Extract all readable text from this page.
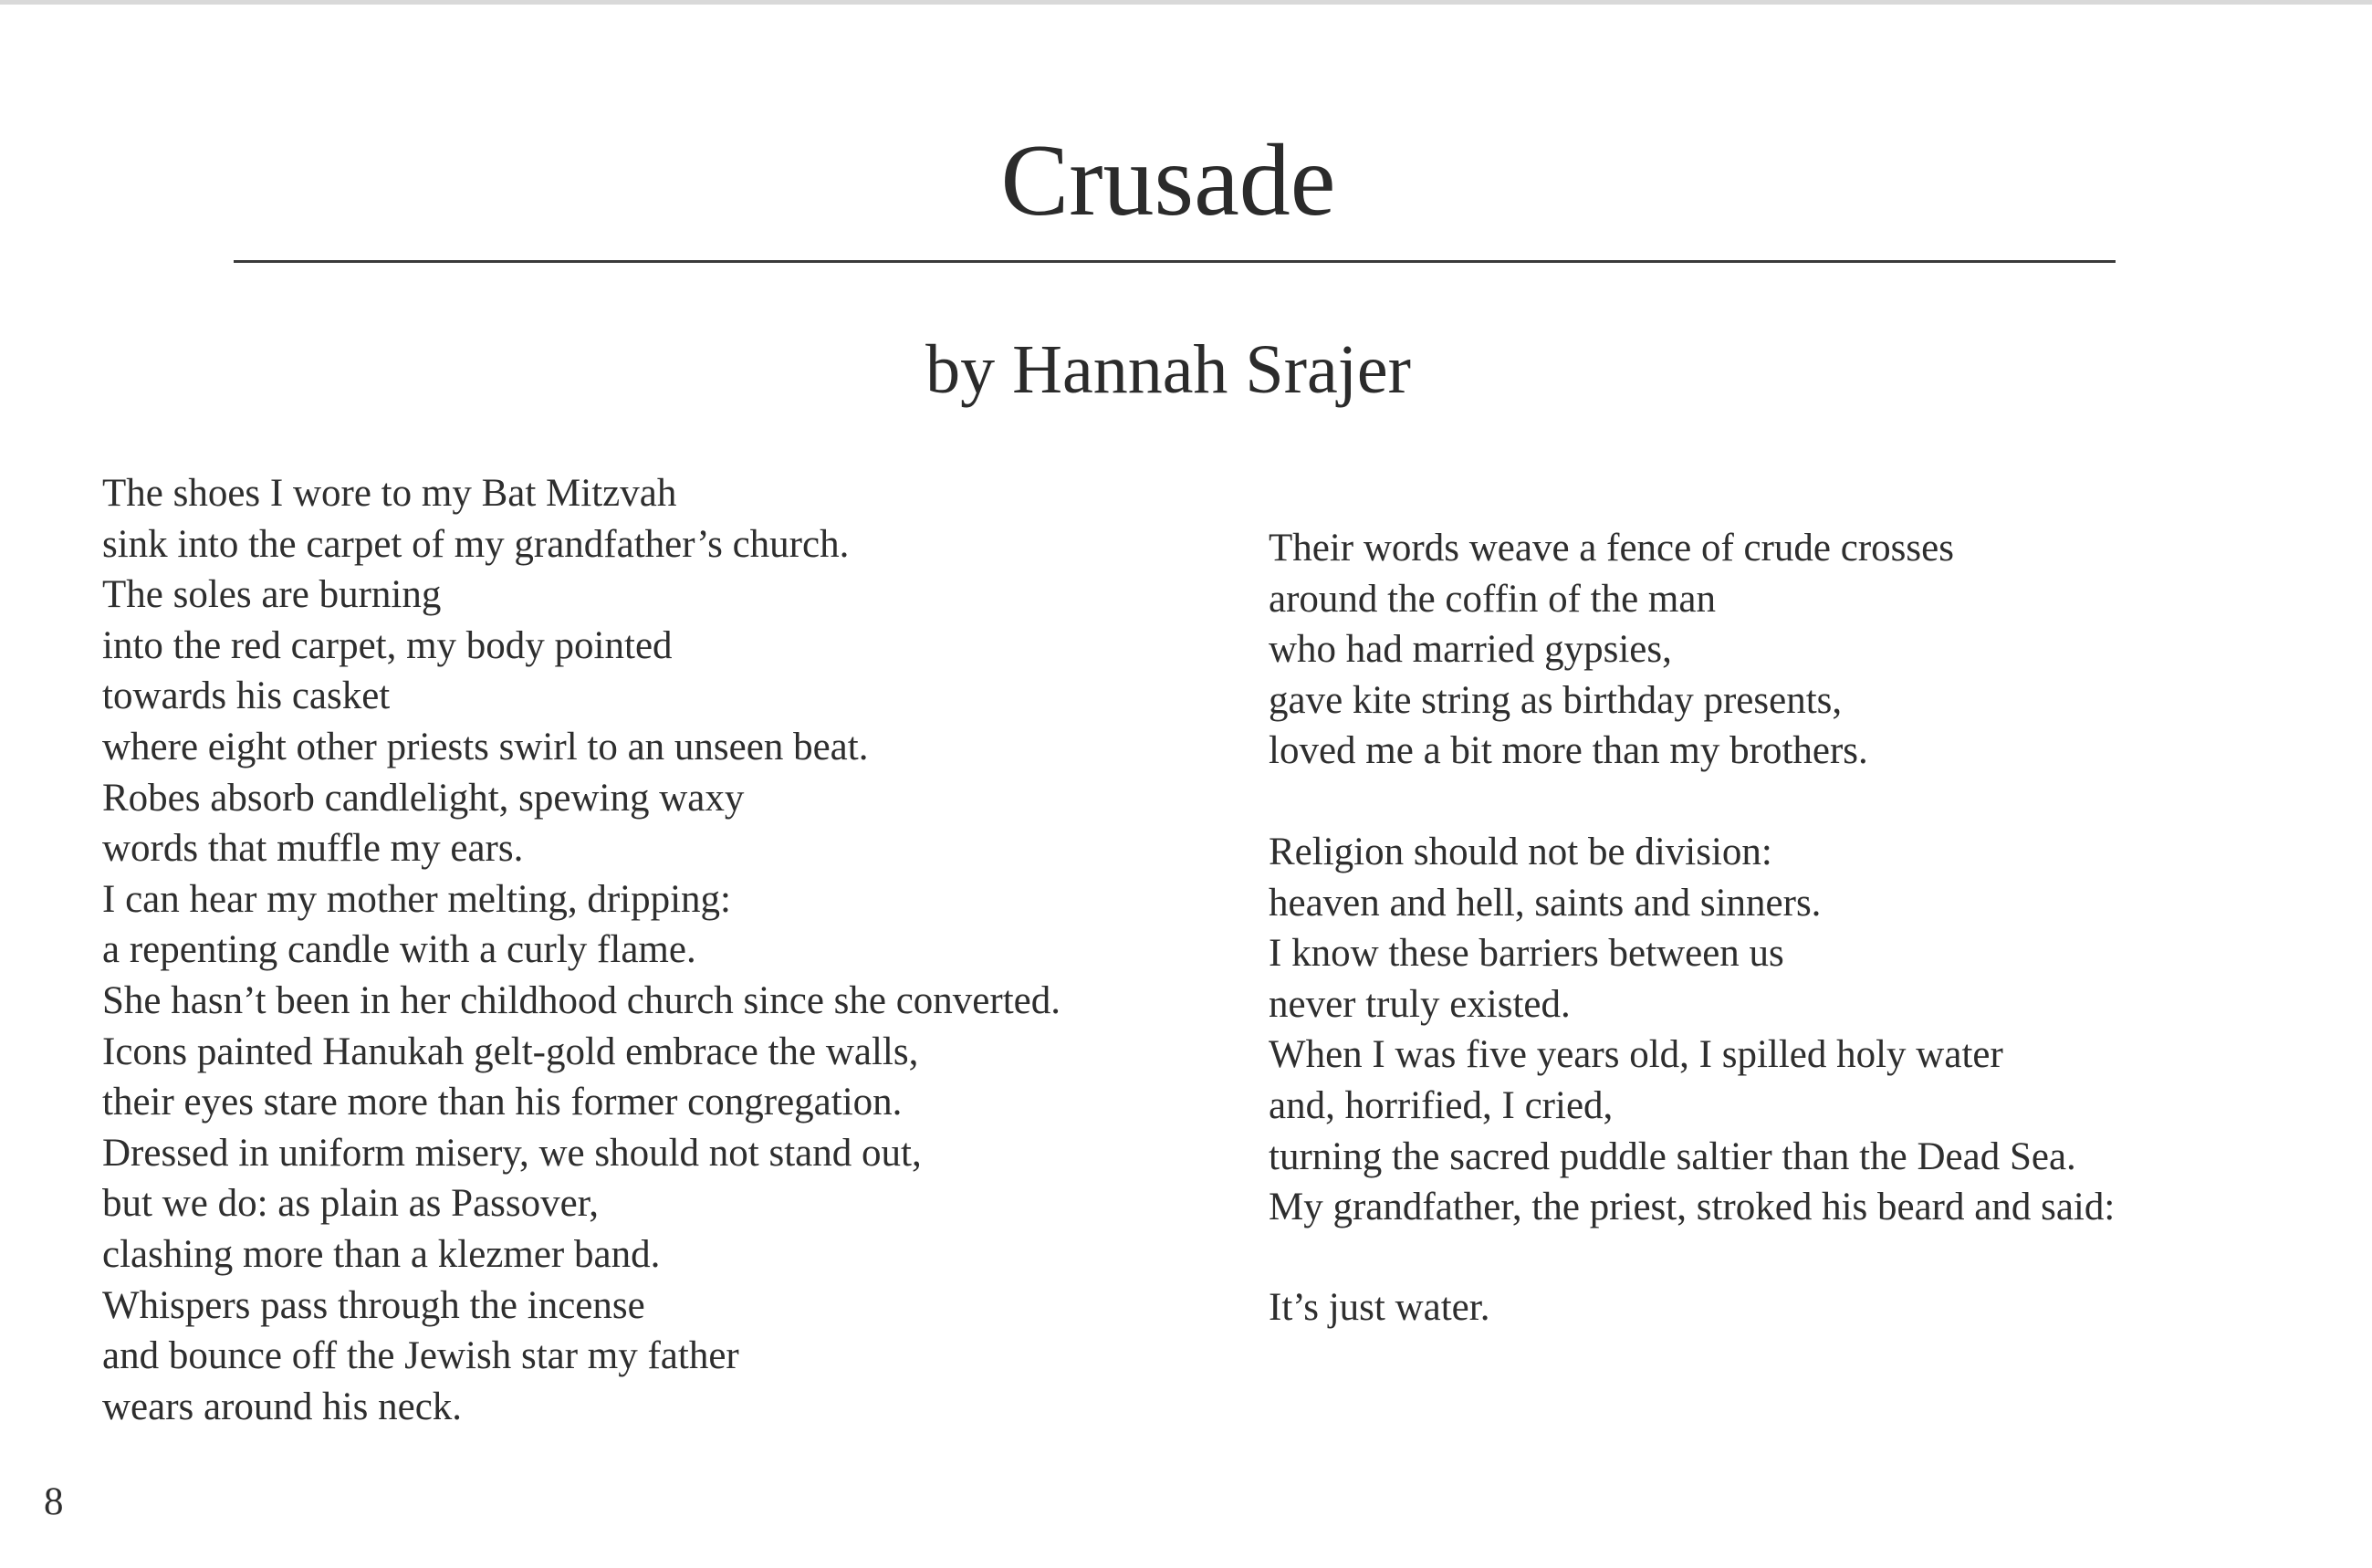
Crusade
by Hannah Srajer
The shoes I wore to my Bat Mitzvah
sink into the carpet of my grandfather’s church.
The soles are burning
into the red carpet, my body pointed
towards his casket
where eight other priests swirl to an unseen beat.
Robes absorb candlelight, spewing waxy
words that muffle my ears.
I can hear my mother melting, dripping:
a repenting candle with a curly flame.
She hasn’t been in her childhood church since she converted.
Icons painted Hanukah gelt-gold embrace the walls,
their eyes stare more than his former congregation.
Dressed in uniform misery, we should not stand out,
but we do: as plain as Passover,
clashing more than a klezmer band.
Whispers pass through the incense
and bounce off the Jewish star my father
wears around his neck.
Their words weave a fence of crude crosses
around the coffin of the man
who had married gypsies,
gave kite string as birthday presents,
loved me a bit more than my brothers.
Religion should not be division:
heaven and hell, saints and sinners.
I know these barriers between us
never truly existed.
When I was five years old, I spilled holy water
and, horrified, I cried,
turning the sacred puddle saltier than the Dead Sea.
My grandfather, the priest, stroked his beard and said:
It’s just water.
8
